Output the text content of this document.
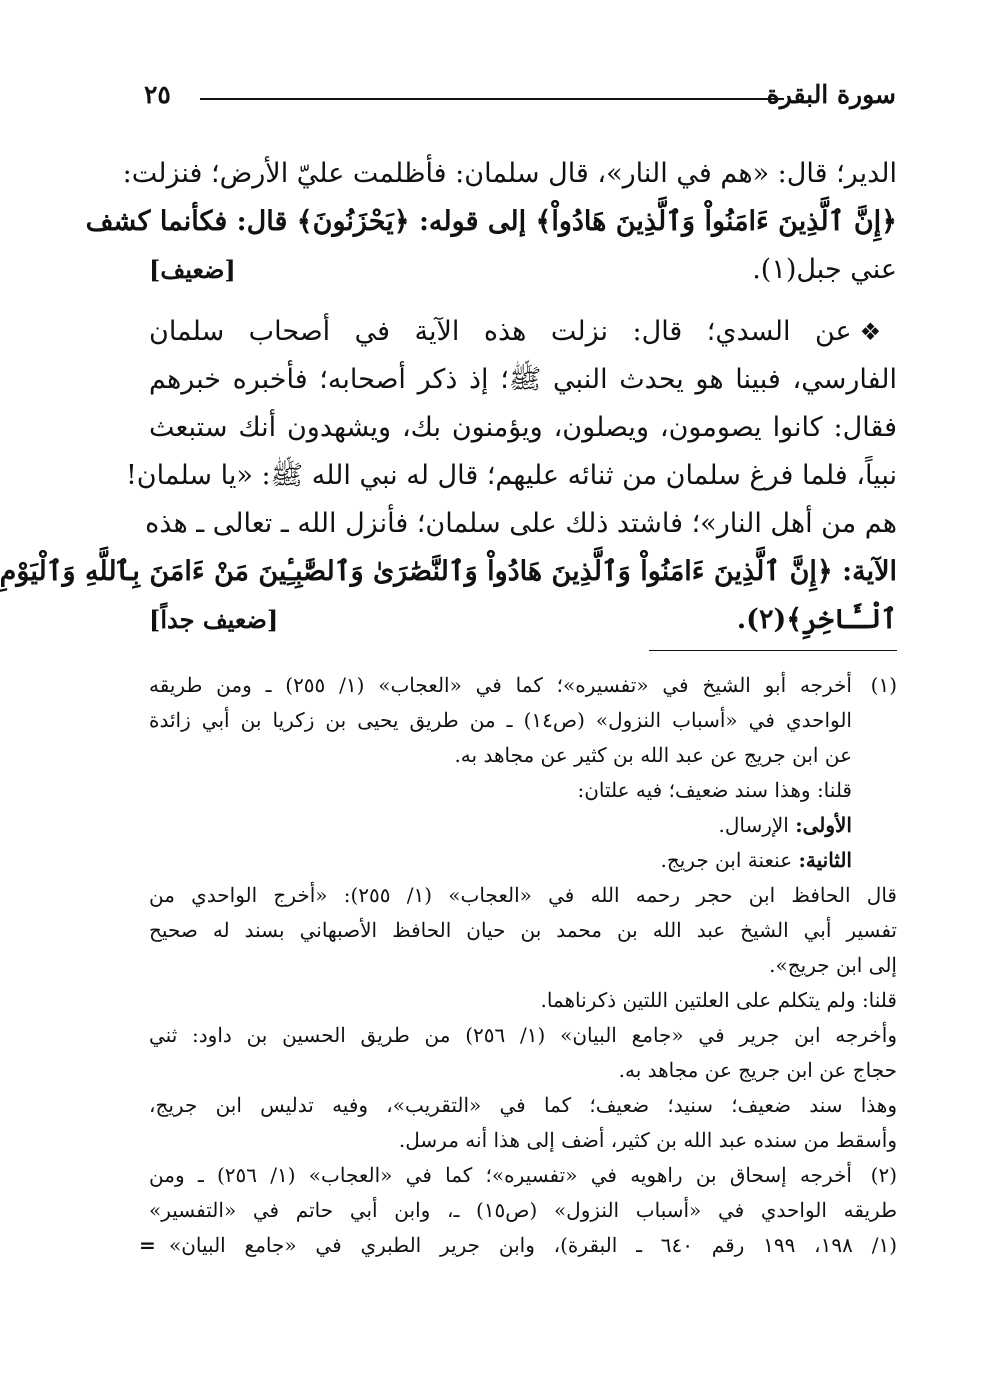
سورة البقرة
٢٥
الدير؛ قال: «هم في النار»، قال سلمان: فأظلمت عليّ الأرض؛ فنزلت:
﴿إِنَّ ٱلَّذِينَ ءَامَنُواْ وَٱلَّذِينَ هَادُواْ﴾ إلى قوله: ﴿يَحْزَنُونَ﴾ قال: فكأنما كشف
عني جبل(١).
[ضعيف]
❖عن السدي؛ قال: نزلت هذه الآية في أصحاب سلمان
الفارسي، فبينا هو يحدث النبي ﷺ؛ إذ ذكر أصحابه؛ فأخبره خبرهم
فقال: كانوا يصومون، ويصلون، ويؤمنون بك، ويشهدون أنك ستبعث
نبياً، فلما فرغ سلمان من ثنائه عليهم؛ قال له نبي الله ﷺ: «يا سلمان!
هم من أهل النار»؛ فاشتد ذلك على سلمان؛ فأنزل الله ـ تعالى ـ هذه
الآية: ﴿إِنَّ ٱلَّذِينَ ءَامَنُواْ وَٱلَّذِينَ هَادُواْ وَٱلنَّصَٰرَىٰ وَٱلصَّٰبِـِٔينَ مَنْ ءَامَنَ بِٱللَّهِ وَٱلْيَوْمِ
ٱلْـَٔاخِرِ﴾(٢).
[ضعيف جداً]
(١)
أخرجه أبو الشيخ في «تفسيره»؛ كما في «العجاب» (١/ ٢٥٥) ـ ومن طريقه
الواحدي في «أسباب النزول» (ص١٤) ـ من طريق يحيى بن زكريا بن أبي زائدة
عن ابن جريج عن عبد الله بن كثير عن مجاهد به.
قلنا: وهذا سند ضعيف؛ فيه علتان:
الأولى: الإرسال.
الثانية: عنعنة ابن جريج.
قال الحافظ ابن حجر رحمه الله في «العجاب» (١/ ٢٥٥): «أخرج الواحدي من
تفسير أبي الشيخ عبد الله بن محمد بن حيان الحافظ الأصبهاني بسند له صحيح
إلى ابن جريج».
قلنا: ولم يتكلم على العلتين اللتين ذكرناهما.
وأخرجه ابن جرير في «جامع البيان» (١/ ٢٥٦) من طريق الحسين بن داود: ثني
حجاج عن ابن جريج عن مجاهد به.
وهذا سند ضعيف؛ سنيد؛ ضعيف؛ كما في «التقريب»، وفيه تدليس ابن جريج،
وأسقط من سنده عبد الله بن كثير، أضف إلى هذا أنه مرسل.
(٢)
أخرجه إسحاق بن راهويه في «تفسيره»؛ كما في «العجاب» (١/ ٢٥٦) ـ ومن
طريقه الواحدي في «أسباب النزول» (ص١٥) ـ، وابن أبي حاتم في «التفسير»
(١/ ١٩٨، ١٩٩ رقم ٦٤٠ ـ البقرة)، وابن جرير الطبري في «جامع البيان»
=
